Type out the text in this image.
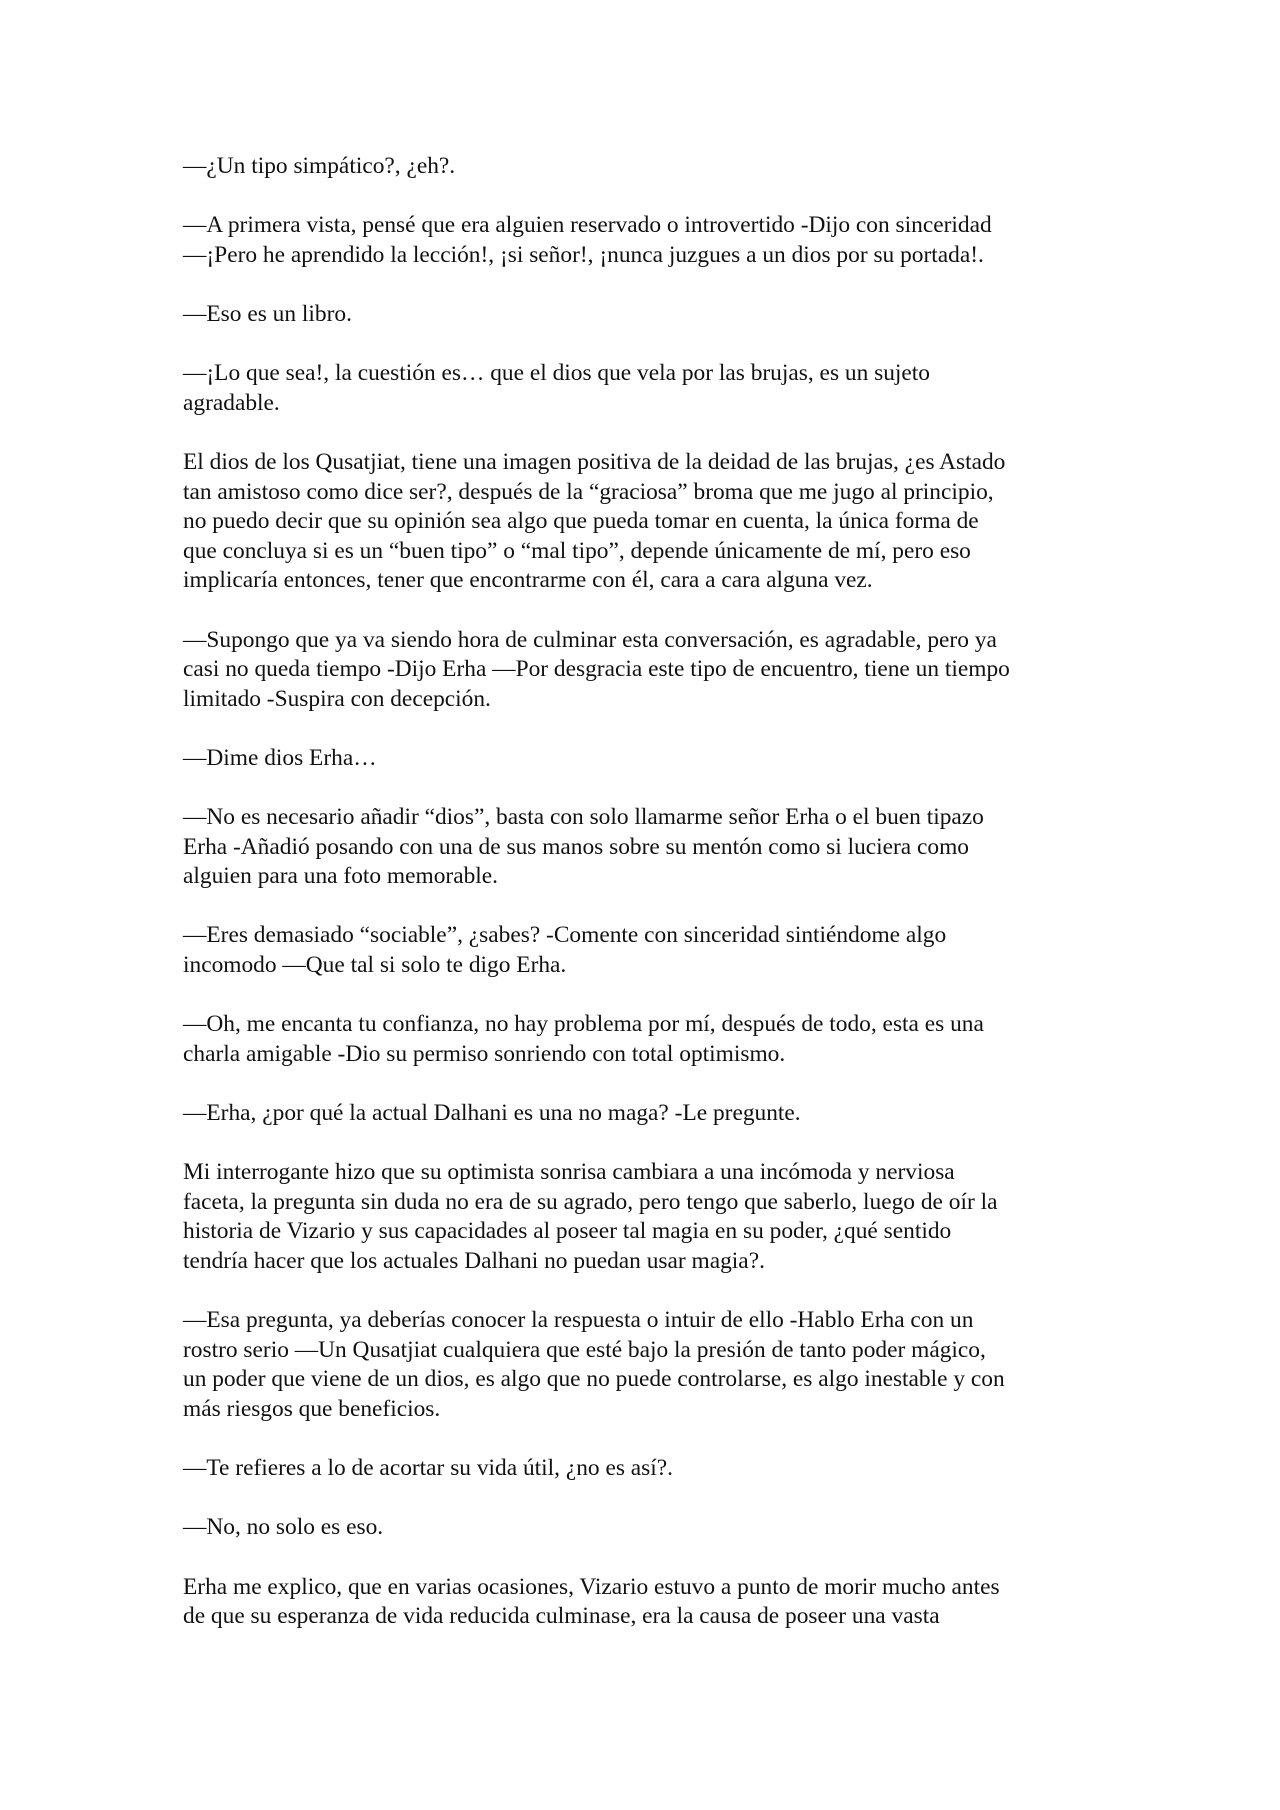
—¿Un tipo simpático?, ¿eh?.

—A primera vista, pensé que era alguien reservado o introvertido -Dijo con sinceridad
—¡Pero he aprendido la lección!, ¡si señor!, ¡nunca juzgues a un dios por su portada!.

—Eso es un libro.

—¡Lo que sea!, la cuestión es… que el dios que vela por las brujas, es un sujeto
agradable.

El dios de los Qusatjiat, tiene una imagen positiva de la deidad de las brujas, ¿es Astado
tan amistoso como dice ser?, después de la “graciosa” broma que me jugo al principio,
no puedo decir que su opinión sea algo que pueda tomar en cuenta, la única forma de
que concluya si es un “buen tipo” o “mal tipo”, depende únicamente de mí, pero eso
implicaría entonces, tener que encontrarme con él, cara a cara alguna vez.

—Supongo que ya va siendo hora de culminar esta conversación, es agradable, pero ya
casi no queda tiempo -Dijo Erha —Por desgracia este tipo de encuentro, tiene un tiempo
limitado -Suspira con decepción.

—Dime dios Erha…

—No es necesario añadir “dios”, basta con solo llamarme señor Erha o el buen tipazo
Erha -Añadió posando con una de sus manos sobre su mentón como si luciera como
alguien para una foto memorable.

—Eres demasiado “sociable”, ¿sabes? -Comente con sinceridad sintiéndome algo
incomodo —Que tal si solo te digo Erha.

—Oh, me encanta tu confianza, no hay problema por mí, después de todo, esta es una
charla amigable -Dio su permiso sonriendo con total optimismo.

—Erha, ¿por qué la actual Dalhani es una no maga? -Le pregunte.

Mi interrogante hizo que su optimista sonrisa cambiara a una incómoda y nerviosa
faceta, la pregunta sin duda no era de su agrado, pero tengo que saberlo, luego de oír la
historia de Vizario y sus capacidades al poseer tal magia en su poder, ¿qué sentido
tendría hacer que los actuales Dalhani no puedan usar magia?.

—Esa pregunta, ya deberías conocer la respuesta o intuir de ello -Hablo Erha con un
rostro serio —Un Qusatjiat cualquiera que esté bajo la presión de tanto poder mágico,
un poder que viene de un dios, es algo que no puede controlarse, es algo inestable y con
más riesgos que beneficios.

—Te refieres a lo de acortar su vida útil, ¿no es así?.

—No, no solo es eso.

Erha me explico, que en varias ocasiones, Vizario estuvo a punto de morir mucho antes
de que su esperanza de vida reducida culminase, era la causa de poseer una vasta
